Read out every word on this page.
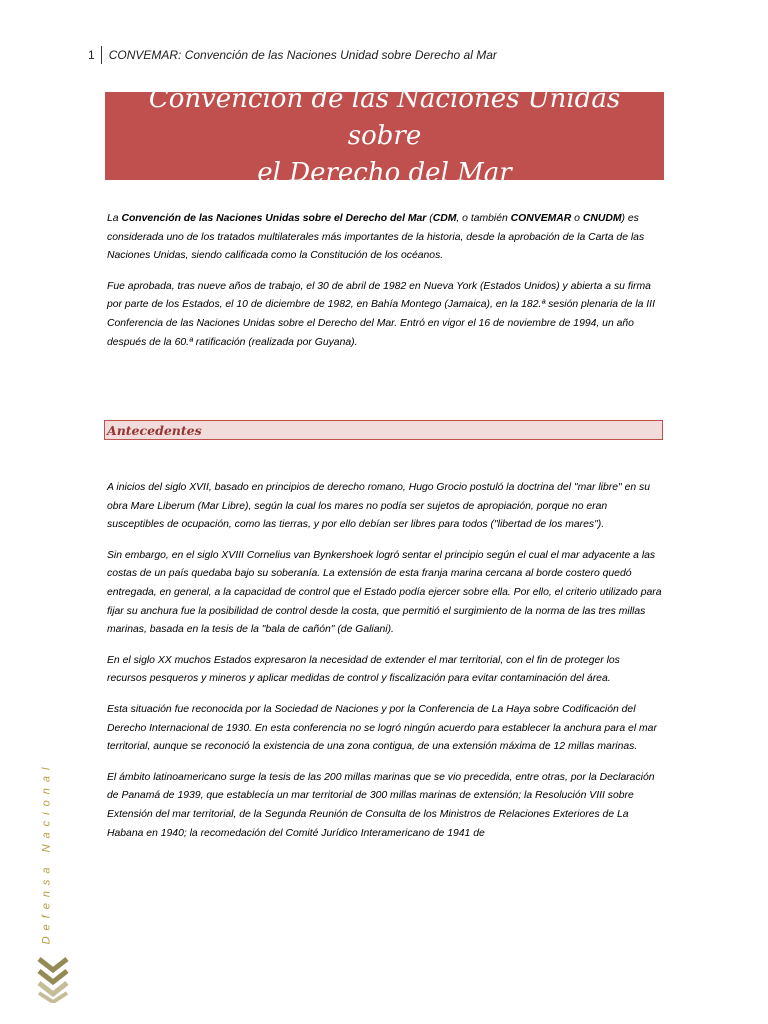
1	CONVEMAR: Convención de las Naciones Unidad sobre Derecho al Mar
Convención de las Naciones Unidas sobre
el Derecho del Mar

La Convención de las Naciones Unidas sobre el Derecho del Mar (CDM, o también CONVEMAR o CNUDM) es considerada uno de los tratados multilaterales más importantes de la historia, desde la aprobación de la Carta de las Naciones Unidas, siendo calificada como la Constitución de los océanos.

Fue aprobada, tras nueve años de trabajo, el 30 de abril de 1982 en Nueva York (Estados Unidos) y abierta a su firma por parte de los Estados, el 10 de diciembre de 1982, en Bahía Montego (Jamaica), en la 182.ª sesión plenaria de la III Conferencia de las Naciones Unidas sobre el Derecho del Mar. Entró en vigor el 16 de noviembre de 1994, un año después de la 60.ª ratificación (realizada por Guyana).

Antecedentes

A inicios del siglo XVII, basado en principios de derecho romano, Hugo Grocio postuló la doctrina del "mar libre" en su obra Mare Liberum (Mar Libre), según la cual los mares no podía ser sujetos de apropiación, porque no eran susceptibles de ocupación, como las tierras, y por ello debían ser libres para todos ("libertad de los mares").

Sin embargo, en el siglo XVIII Cornelius van Bynkershoek logró sentar el principio según el cual el mar adyacente a las costas de un país quedaba bajo su soberanía. La extensión de esta franja marina cercana al borde costero quedó entregada, en general, a la capacidad de control que el Estado podía ejercer sobre ella. Por ello, el criterio utilizado para fijar su anchura fue la posibilidad de control desde la costa, que permitió el surgimiento de la norma de las tres millas marinas, basada en la tesis de la "bala de cañón" (de Galiani).

En el siglo XX muchos Estados expresaron la necesidad de extender el mar territorial, con el fin de proteger los recursos pesqueros y mineros y aplicar medidas de control y fiscalización para evitar contaminación del área.

Esta situación fue reconocida por la Sociedad de Naciones y por la Conferencia de La Haya sobre Codificación del Derecho Internacional de 1930. En esta conferencia no se logró ningún acuerdo para establecer la anchura para el mar territorial, aunque se reconoció la existencia de una zona contigua, de una extensión máxima de 12 millas marinas.

El ámbito latinoamericano surge la tesis de las 200 millas marinas que se vio precedida, entre otras, por la Declaración de Panamá de 1939, que establecía un mar territorial de 300 millas marinas de extensión; la Resolución VIII sobre Extensión del mar territorial, de la Segunda Reunión de Consulta de los Ministros de Relaciones Exteriores de La Habana en 1940; la recomedación del Comité Jurídico Interamericano de 1941 de

Defensa Nacional
